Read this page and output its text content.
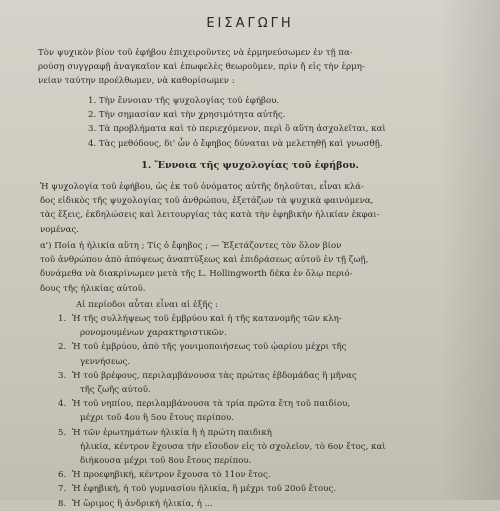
ΕΙΣΑΓΩΓΗ
Τὸν ψυχικὸν βίον τοῦ ἐφήβου ἐπιχειροῦντες νὰ ἑρμηνεύσωμεν ἐν τῇ πα-
ρούσῃ συγγραφῇ ἀναγκαῖον καὶ ἐπωφελὲς θεωροῦμεν, πρὶν ἤ εἰς τὴν ἑρμη-
νείαν ταύτην προέλθωμεν, νὰ καθορίσωμεν :
1. Τὴν ἔννοιαν τῆς ψυχολογίας τοῦ ἐφήβου.
2. Τὴν σημασίαν καὶ τὴν χρησιμότητα αὐτῆς.
3. Τὰ προβλήματα καὶ τὸ περιεχόμενον, περὶ ὃ αὕτη ἀσχολεῖται, καὶ
4. Τὰς μεθόδους, δι' ὧν ὁ ἔφηβος δύναται νὰ μελετηθῇ καὶ γνωσθῇ.
1. Ἔννοια τῆς ψυχολογίας τοῦ ἐφήβου.
Ἡ ψυχολογία τοῦ ἐφήβου, ὡς ἐκ τοῦ ὀνόματος αὐτῆς δηλοῦται, εἶναι κλά-
δος εἰδικὸς τῆς ψυχολογίας τοῦ ἀνθρώπου, ἐξετάζων τὰ ψυχικὰ φαινόμενα,
τὰς ἕξεις, ἐκδηλώσεις καὶ λειτουργίας τὰς κατὰ τὴν ἐφηβικὴν ἡλικίαν ἐκφαι-
νομένας.
α') Ποία ἡ ἡλικία αὕτη ; Τίς ὁ ἔφηβος ; — Ἐξετάζοντες τὸν ὅλον βίον
τοῦ ἀνθρώπου ἀπὸ ἀπόψεως ἀναπτύξεως καὶ ἐπιδράσεως αὐτοῦ ἐν τῇ ζωῇ,
δυνάμεθα νὰ διακρίνωμεν μετὰ τῆς L. Hollingworth δέκα ἐν ὅλῳ περιό-
δους τῆς ἡλικίας αὐτοῦ.
Αἱ περίοδοι αὗται εἶναι αἱ ἑξῆς :
1. Ἡ τῆς συλλήψεως τοῦ ἐμβρύου καὶ ἡ τῆς κατανομῆς τῶν κλη-
ρονομουμένων χαρακτηριστικῶν.
2. Ἡ τοῦ ἐμβρύου, ἀπὸ τῆς γονιμοποιήσεως τοῦ ᾠαρίου μέχρι τῆς
γεννήσεως.
3. Ἡ τοῦ βρέφους, περιλαμβάνουσα τὰς πρώτας ἑβδομάδας ἢ μῆνας
τῆς ζωῆς αὐτοῦ.
4. Ἡ τοῦ νηπίου, περιλαμβάνουσα τὰ τρία πρῶτα ἔτη τοῦ παιδίου,
μέχρι τοῦ 4ου ἢ 5ου ἔτους περίπου.
5. Ἡ τῶν ἐρωτημάτων ἡλικία ἢ ἡ πρώτη παιδικὴ
ἡλικία, κέντρον ἔχουσα τὴν εἴσοδον εἰς τὸ σχολεῖον, τὸ 6ον ἔτος, καὶ
διήκουσα μέχρι τοῦ 8ου ἔτους περίπου.
6. Ἡ προεφηβική, κέντρον ἔχουσα τὸ 11ον ἔτος.
7. Ἡ ἐφηβική, ἡ τοῦ γυμνασίου ἡλικία, ἢ μέχρι τοῦ 20οῦ ἔτους.
8. Ἡ ὥριμος ἢ ἀνδρικὴ ἡλικία, ἡ ...
